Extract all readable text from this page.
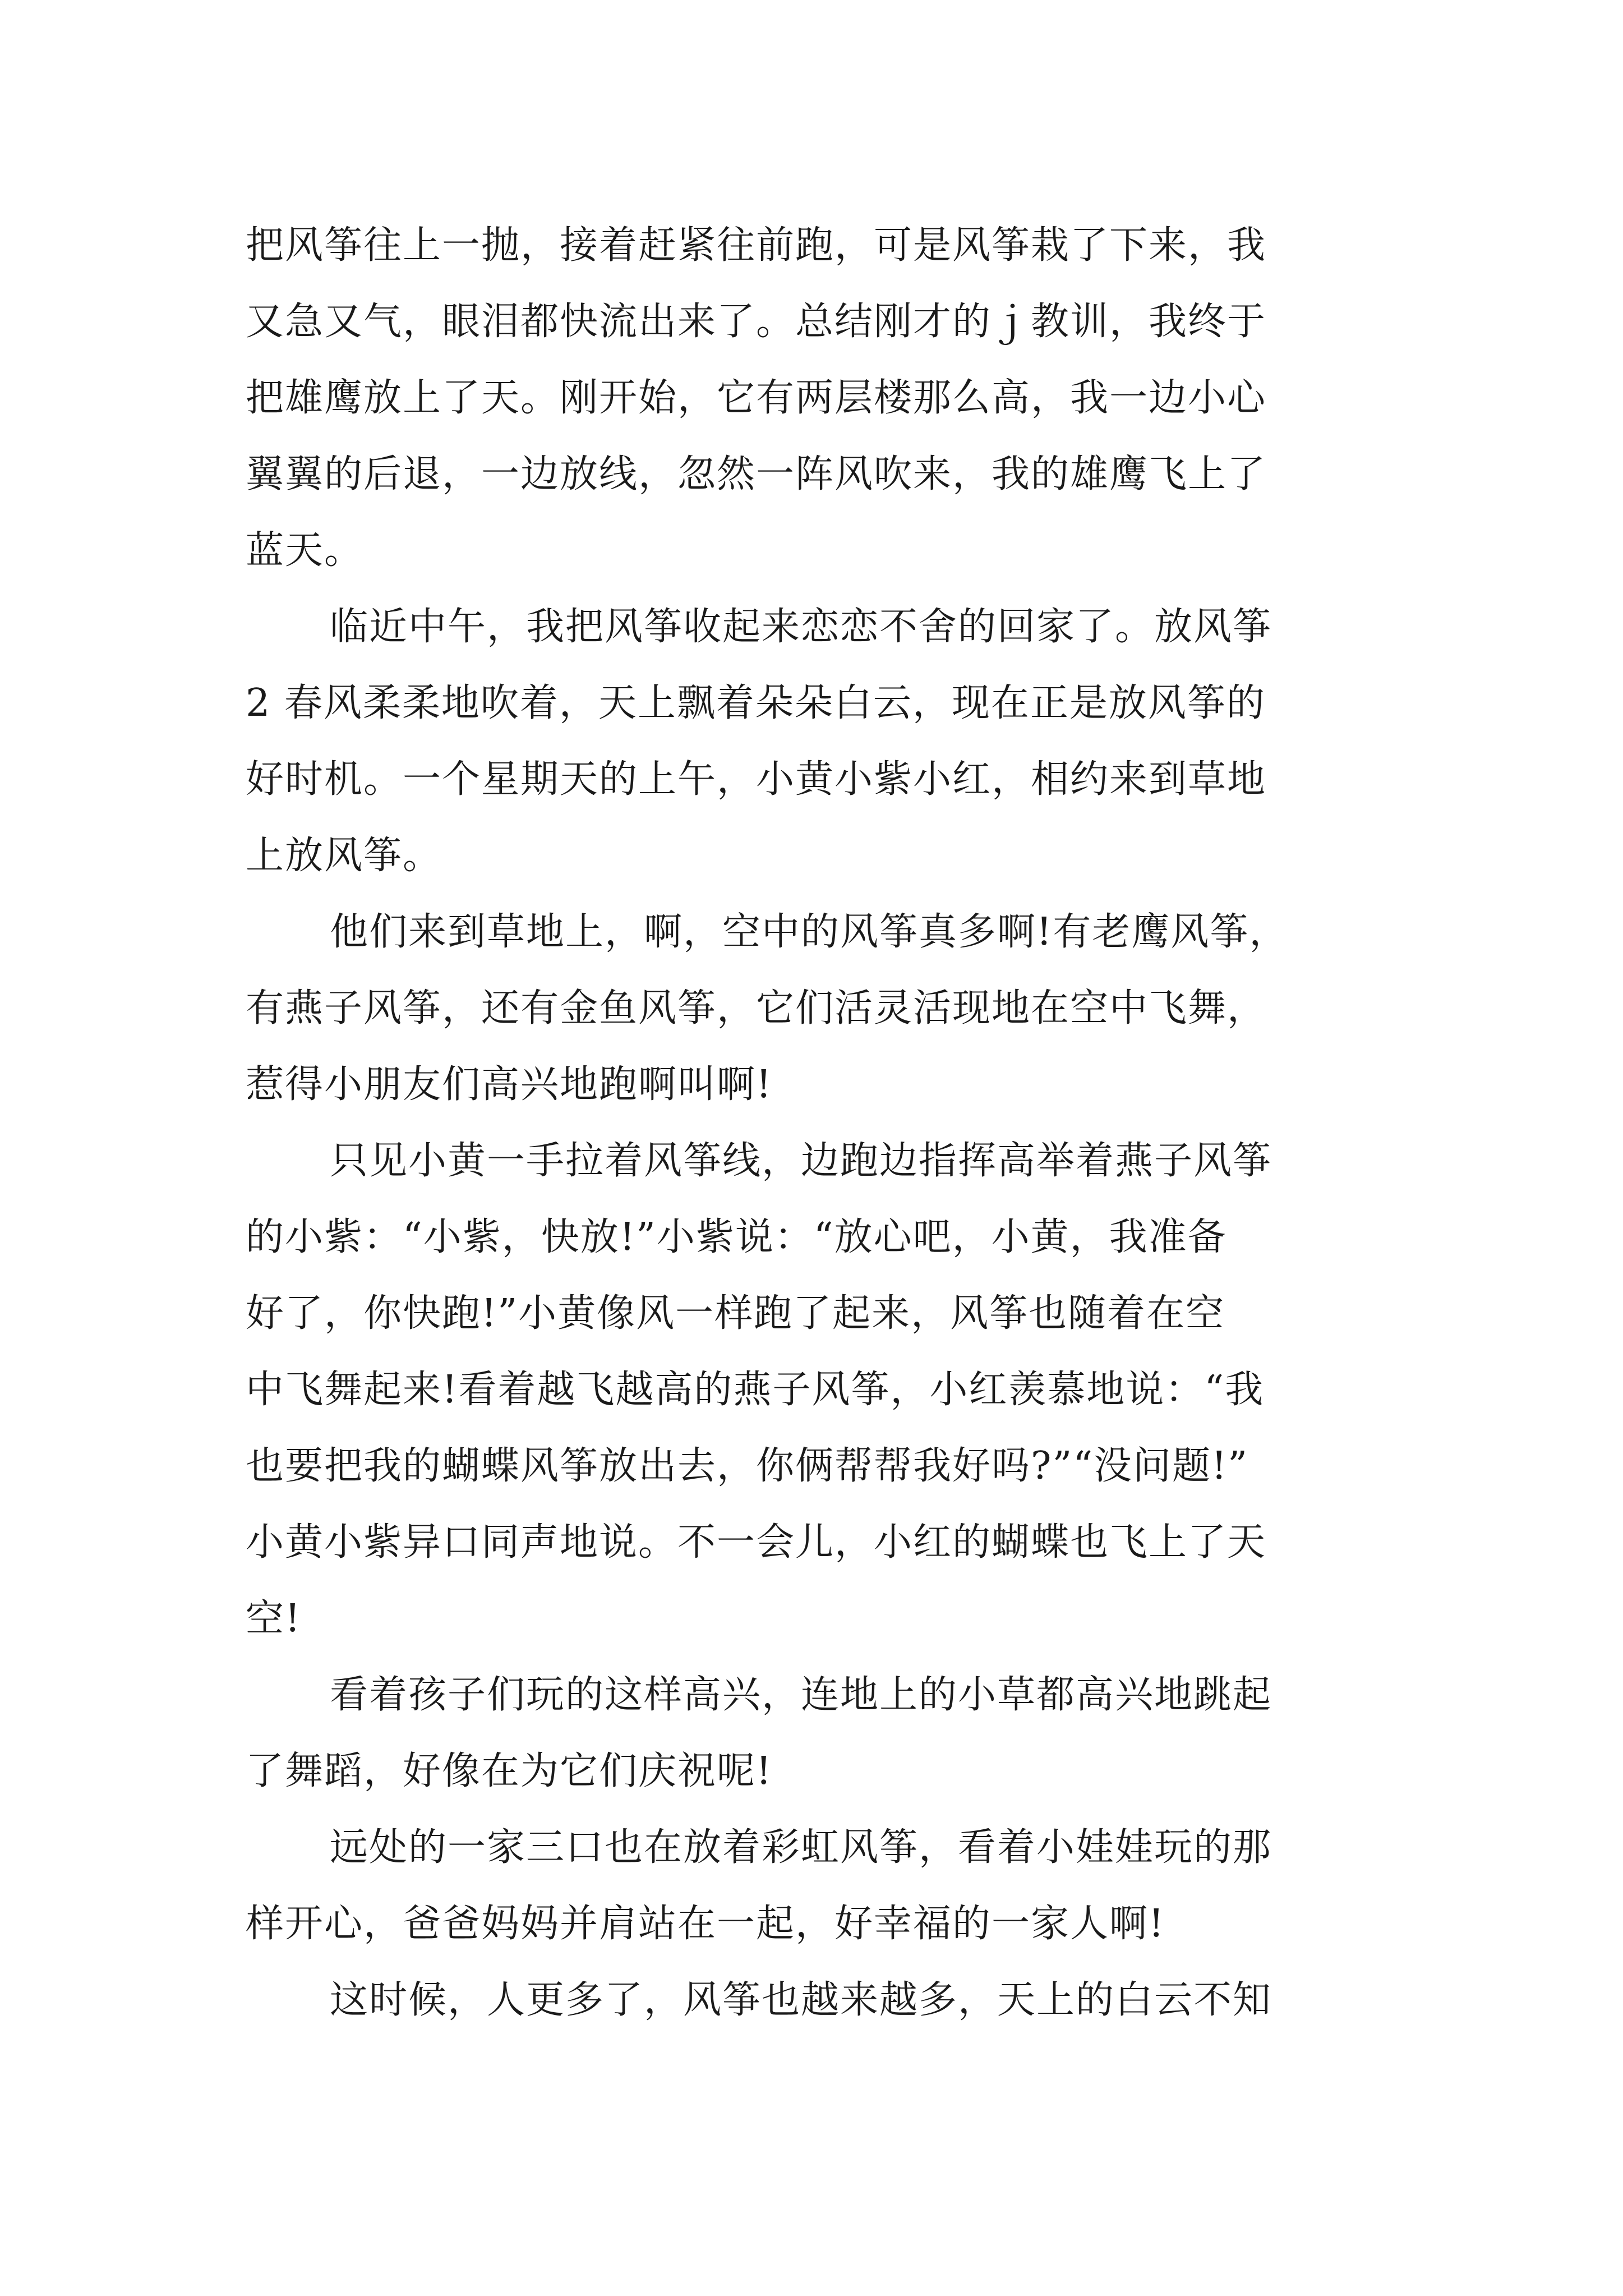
把风筝往上一抛，接着赶紧往前跑，可是风筝栽了下来，我
又急又气，眼泪都快流出来了。总结刚才的ｊ教训，我终于
把雄鹰放上了天。刚开始，它有两层楼那么高，我一边小心
翼翼的后退，一边放线，忽然一阵风吹来，我的雄鹰飞上了
蓝天。

临近中午，我把风筝收起来恋恋不舍的回家了。放风筝
2 春风柔柔地吹着，天上飘着朵朵白云，现在正是放风筝的
好时机。一个星期天的上午，小黄小紫小红，相约来到草地
上放风筝。

他们来到草地上，啊，空中的风筝真多啊!有老鹰风筝，
有燕子风筝，还有金鱼风筝，它们活灵活现地在空中飞舞，
惹得小朋友们高兴地跑啊叫啊!

只见小黄一手拉着风筝线，边跑边指挥高举着燕子风筝
的小紫：“小紫，快放!”小紫说：“放心吧，小黄，我准备
好了，你快跑!”小黄像风一样跑了起来，风筝也随着在空
中飞舞起来!看着越飞越高的燕子风筝，小红羡慕地说：“我
也要把我的蝴蝶风筝放出去，你俩帮帮我好吗?”“没问题!”
小黄小紫异口同声地说。不一会儿，小红的蝴蝶也飞上了天
空!

看着孩子们玩的这样高兴，连地上的小草都高兴地跳起
了舞蹈，好像在为它们庆祝呢!

远处的一家三口也在放着彩虹风筝，看着小娃娃玩的那
样开心，爸爸妈妈并肩站在一起，好幸福的一家人啊!

这时候，人更多了，风筝也越来越多，天上的白云不知
